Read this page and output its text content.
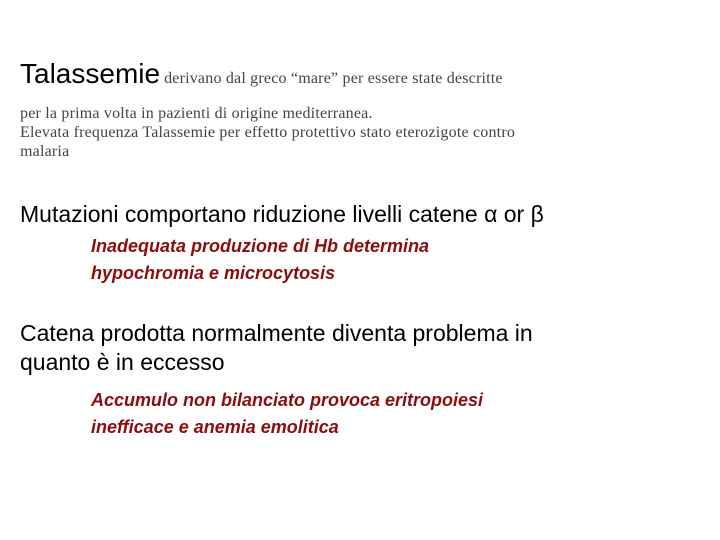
Talassemie derivano dal greco “mare” per essere state descritte
per la prima volta in pazienti di origine mediterranea.
Elevata frequenza Talassemie per effetto protettivo stato eterozigote contro
malaria
Mutazioni comportano riduzione livelli catene α or β
Inadequata produzione di Hb determina
hypochromia e microcytosis
Catena prodotta normalmente diventa problema in
quanto è in eccesso
Accumulo non bilanciato provoca eritropoiesi
inefficace e anemia emolitica
